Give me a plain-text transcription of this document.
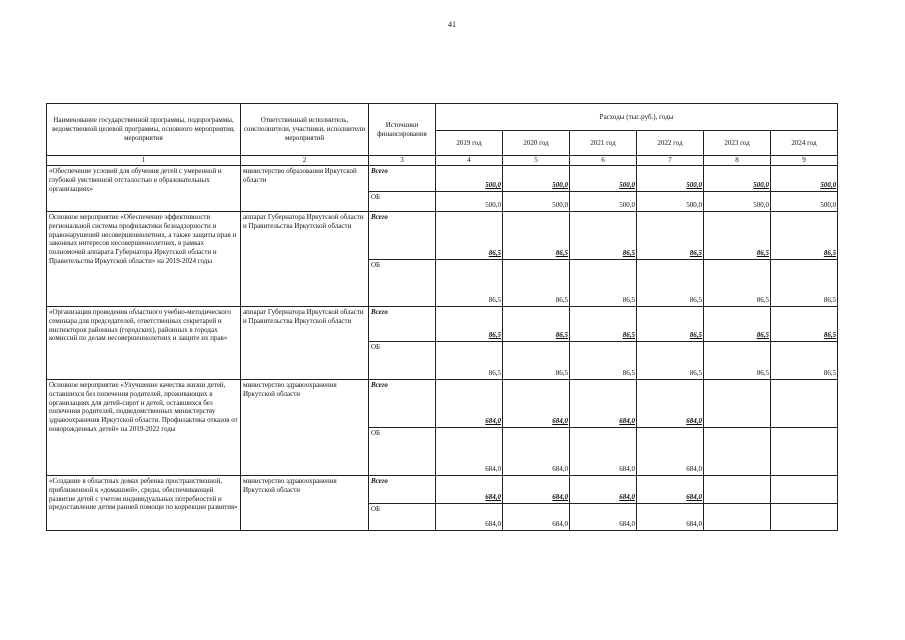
41
Наименование государственной программы, подпрограммы, ведомственной целевой программы, основного мероприятия, мероприятия	Ответственный исполнитель, соисполнители, участники, исполнители мероприятий	Источники финансирования	Расходы (тыс.руб.), годы					
			2019 год	2020 год	2021 год	2022 год	2023 год	2024 год
1	2	3	4	5	6	7	8	9
«Обеспечение условий для обучения детей с умеренной и глубокой умственной отсталостью в образовательных организациях»	министерство образования Иркутской области	Всего	500,0	500,0	500,0	500,0	500,0	500,0
		ОБ	500,0	500,0	500,0	500,0	500,0	500,0
Основное мероприятие «Обеспечение эффективности региональной системы профилактики безнадзорности и правонарушений несовершеннолетних, а также защиты прав и законных интересов несовершеннолетних, в рамках полномочий аппарата Губернатора Иркутской области и Правительства Иркутской области» на 2019-2024 годы	аппарат Губернатора Иркутской области и Правительства Иркутской области	Всего	86,5	86,5	86,5	86,5	86,5	86,5
		ОБ	86,5	86,5	86,5	86,5	86,5	86,5
«Организация проведения областного учебно-методического семинара для председателей, ответственных секретарей и инспекторов районных (городских), районных в городах комиссий по делам несовершеннолетних и защите их прав»	аппарат Губернатора Иркутской области и Правительства Иркутской области	Всего	86,5	86,5	86,5	86,5	86,5	86,5
		ОБ	86,5	86,5	86,5	86,5	86,5	86,5
Основное мероприятие «Улучшение качества жизни детей, оставшихся без попечения родителей, проживающих в организациях для детей-сирот и детей, оставшихся без попечения родителей, подведомственных министерству здравоохранения Иркутской области. Профилактика отказов от новорожденных детей» на 2019-2022 годы	министерство здравоохранения Иркутской области	Всего	684,0	684,0	684,0	684,0		
		ОБ	684,0	684,0	684,0	684,0		
«Создание в областных домах ребенка пространственной, приближенной к «домашней», среды, обеспечивающей развитие детей с учетом индивидуальных потребностей и предоставление детям ранней помощи по коррекции развития»	министерство здравоохранения Иркутской области	Всего	684,0	684,0	684,0	684,0		
		ОБ	684,0	684,0	684,0	684,0		
